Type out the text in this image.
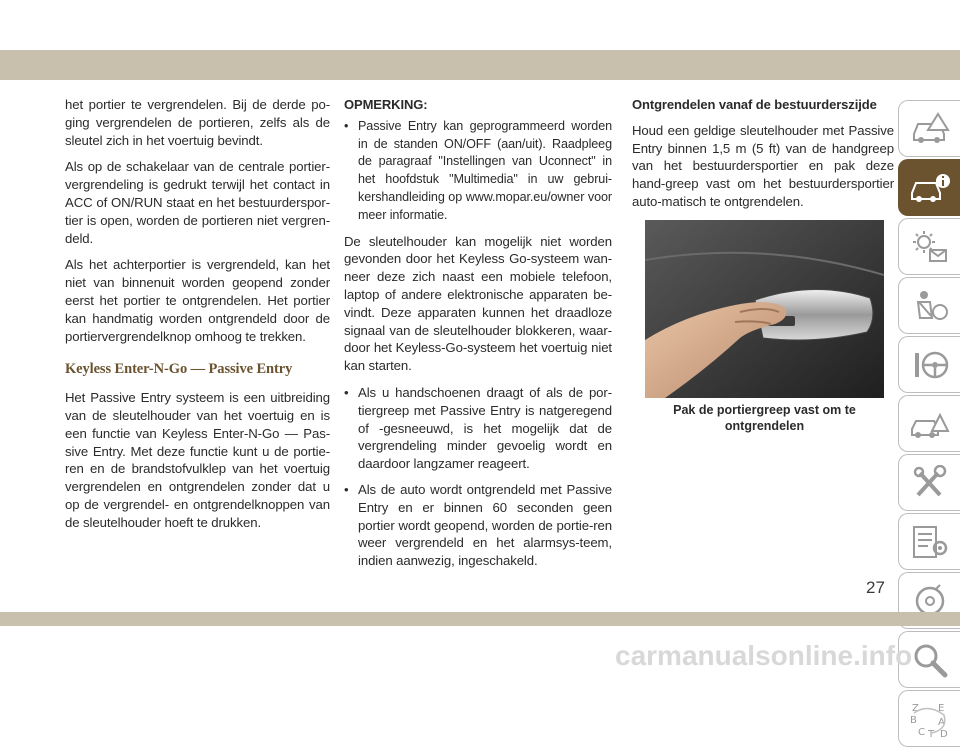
het portier te vergrendelen. Bij de derde po-ging vergrendelen de portieren, zelfs als de sleutel zich in het voertuig bevindt.

Als op de schakelaar van de centrale portier-vergrendeling is gedrukt terwijl het contact in ACC of ON/RUN staat en het bestuurderspor-tier is open, worden de portieren niet vergren-deld.

Als het achterportier is vergrendeld, kan het niet van binnenuit worden geopend zonder eerst het portier te ontgrendelen. Het portier kan handmatig worden ontgrendeld door de portiervergrendelknop omhoog te trekken.

Keyless Enter-N-Go — Passive Entry

Het Passive Entry systeem is een uitbreiding van de sleutelhouder van het voertuig en is een functie van Keyless Enter-N-Go — Pas-sive Entry. Met deze functie kunt u de portie-ren en de brandstofvulklep van het voertuig vergrendelen en ontgrendelen zonder dat u op de vergrendel- en ontgrendelknoppen van de sleutelhouder hoeft te drukken.

OPMERKING:
• Passive Entry kan geprogrammeerd worden in de standen ON/OFF (aan/uit). Raadpleeg de paragraaf "Instellingen van Uconnect" in het hoofdstuk "Multimedia" in uw gebrui-kershandleiding op www.mopar.eu/owner voor meer informatie.

De sleutelhouder kan mogelijk niet worden gevonden door het Keyless Go-systeem wan-neer deze zich naast een mobiele telefoon, laptop of andere elektronische apparaten be-vindt. Deze apparaten kunnen het draadloze signaal van de sleutelhouder blokkeren, waar-door het Keyless-Go-systeem het voertuig niet kan starten.

• Als u handschoenen draagt of als de por-tiergreep met Passive Entry is natgeregend of -gesneeuwd, is het mogelijk dat de vergrendeling minder gevoelig wordt en daardoor langzamer reageert.
• Als de auto wordt ontgrendeld met Passive Entry en er binnen 60 seconden geen portier wordt geopend, worden de portie-ren weer vergrendeld en het alarmsys-teem, indien aanwezig, ingeschakeld.
Ontgrendelen vanaf de bestuurderszijde

Houd een geldige sleutelhouder met Passive Entry binnen 1,5 m (5 ft) van de handgreep van het bestuurdersportier en pak deze hand-greep vast om het bestuurdersportier auto-matisch te ontgrendelen.

Pak de portiergreep vast om te ontgrendelen
Z E
B A
C T D
27
carmanualsonline.info
